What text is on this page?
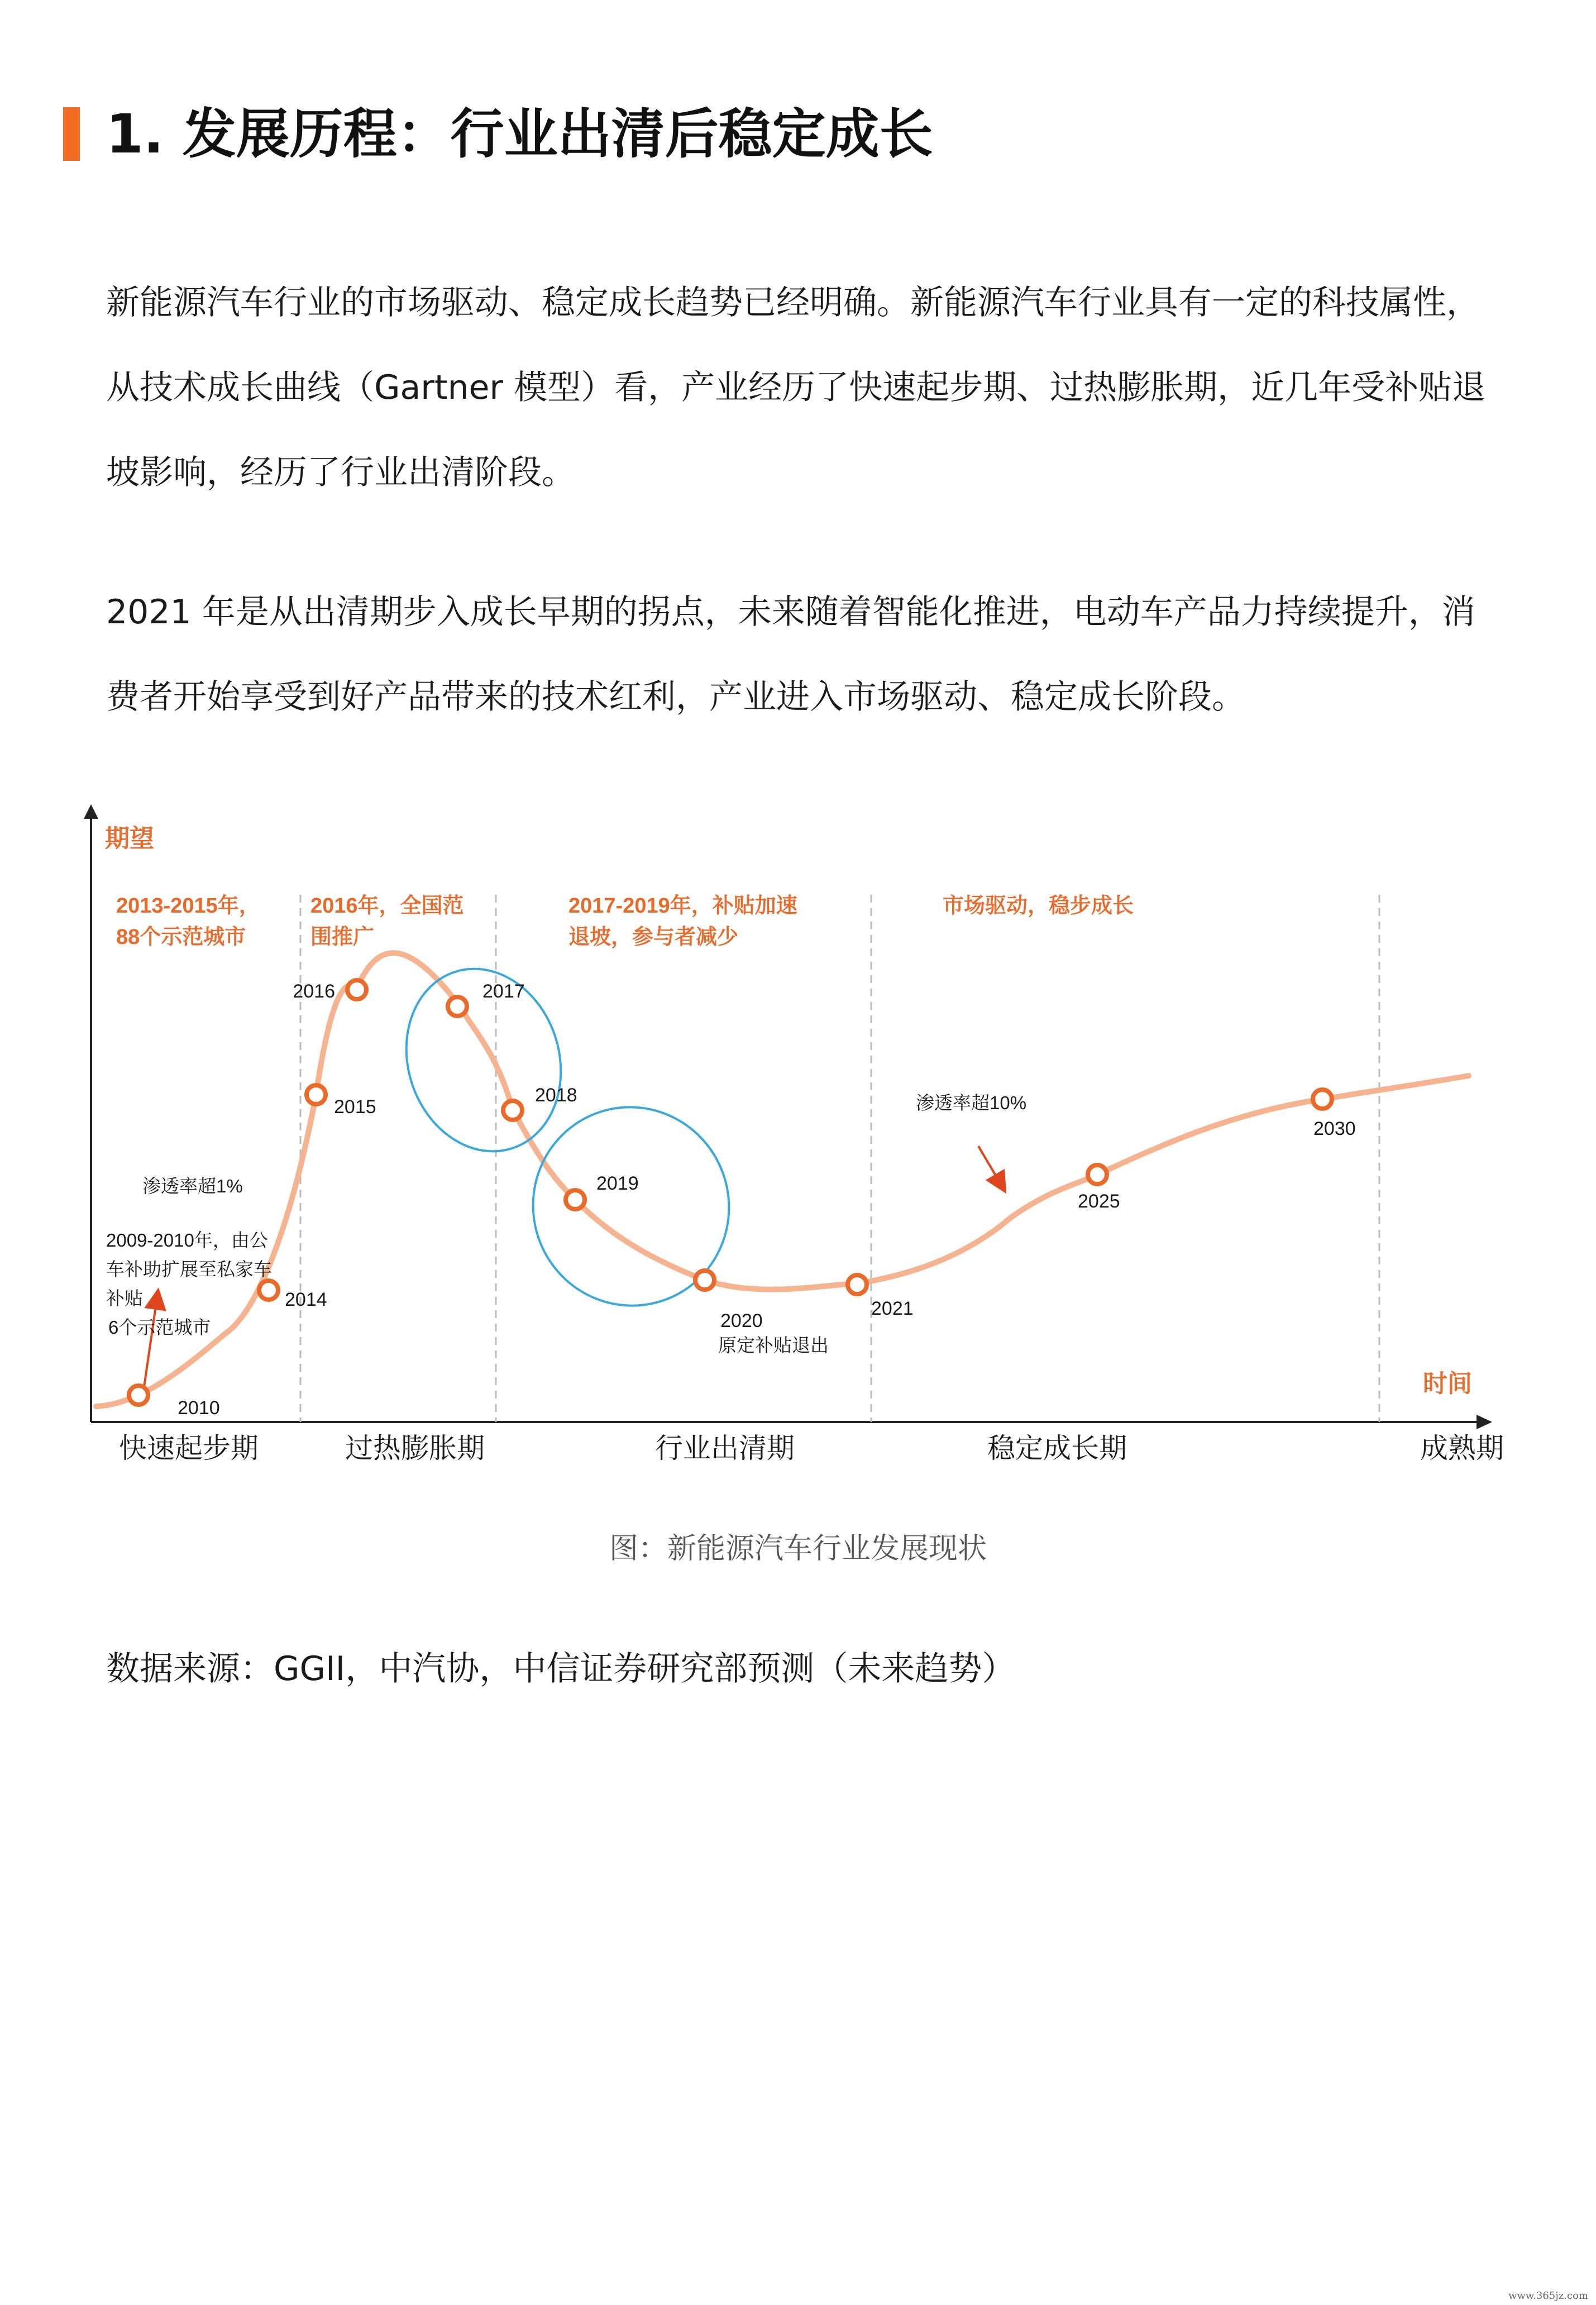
1. 发展历程：行业出清后稳定成长

新能源汽车行业的市场驱动、稳定成长趋势已经明确。新能源汽车行业具有一定的科技属性，从技术成长曲线（Gartner 模型）看，产业经历了快速起步期、过热膨胀期，近几年受补贴退坡影响，经历了行业出清阶段。

2021 年是从出清期步入成长早期的拐点，未来随着智能化推进，电动车产品力持续提升，消费者开始享受到好产品带来的技术红利，产业进入市场驱动、稳定成长阶段。

期望
时间
2013-2015年，
88个示范城市
2016年，全国范
围推广
2017-2019年，补贴加速
退坡，参与者减少
市场驱动，稳步成长
渗透率超1%
渗透率超10%
2009-2010年，由公
车补助扩展至私家车
补贴
6个示范城市
原定补贴退出
2010
2014
2015
2016	2017
2018
2019
2020
2021
2025
2030
快速起步期	过热膨胀期	行业出清期	稳定成长期	成熟期
图：新能源汽车行业发展现状
数据来源：GGII，中汽协，中信证券研究部预测（未来趋势）
www.365jz.com
